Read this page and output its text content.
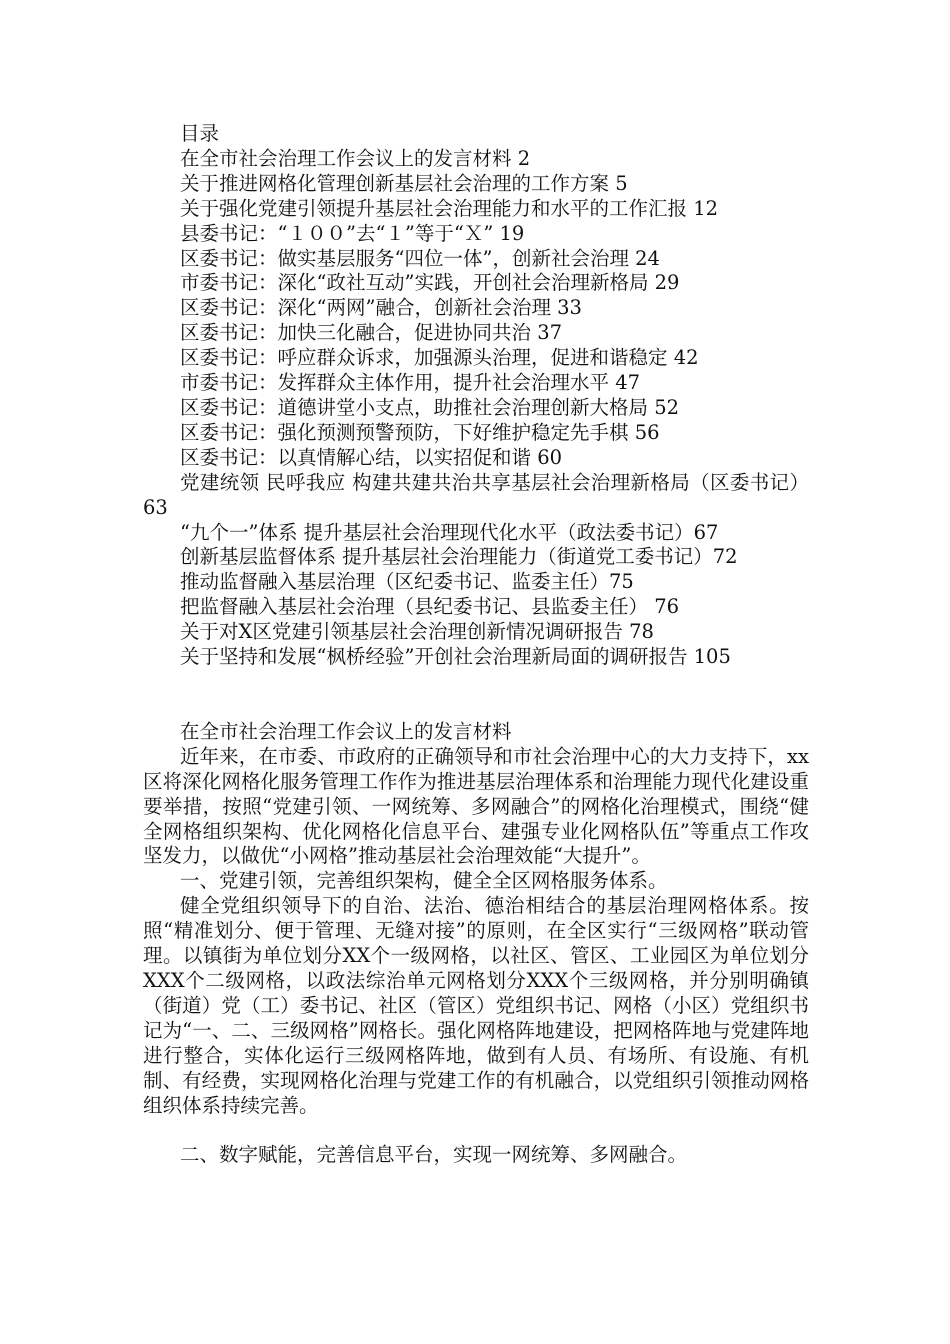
目录
在全市社会治理工作会议上的发言材料 2
关于推进网格化管理创新基层社会治理的工作方案 5
关于强化党建引领提升基层社会治理能力和水平的工作汇报 12
县委书记：“１００”去“１”等于“Ｘ” 19
区委书记：做实基层服务“四位一体”，创新社会治理 24
市委书记：深化“政社互动”实践，开创社会治理新格局 29
区委书记：深化“两网”融合，创新社会治理 33
区委书记：加快三化融合，促进协同共治 37
区委书记：呼应群众诉求，加强源头治理，促进和谐稳定 42
市委书记：发挥群众主体作用，提升社会治理水平 47
区委书记：道德讲堂小支点，助推社会治理创新大格局 52
区委书记：强化预测预警预防，下好维护稳定先手棋 56
区委书记：以真情解心结，以实招促和谐 60
党建统领 民呼我应 构建共建共治共享基层社会治理新格局（区委书记）63
“九个一”体系 提升基层社会治理现代化水平（政法委书记）67
创新基层监督体系 提升基层社会治理能力（街道党工委书记）72
推动监督融入基层治理（区纪委书记、监委主任）75
把监督融入基层社会治理（县纪委书记、县监委主任） 76
关于对X区党建引领基层社会治理创新情况调研报告 78
关于坚持和发展“枫桥经验”开创社会治理新局面的调研报告 105
在全市社会治理工作会议上的发言材料
近年来，在市委、市政府的正确领导和市社会治理中心的大力支持下，xx区将深化网格化服务管理工作作为推进基层治理体系和治理能力现代化建设重要举措，按照“党建引领、一网统筹、多网融合”的网格化治理模式，围绕“健全网格组织架构、优化网格化信息平台、建强专业化网格队伍”等重点工作攻坚发力，以做优“小网格”推动基层社会治理效能“大提升”。
一、党建引领，完善组织架构，健全全区网格服务体系。
健全党组织领导下的自治、法治、德治相结合的基层治理网格体系。按照“精准划分、便于管理、无缝对接”的原则，在全区实行“三级网格”联动管理。以镇街为单位划分XX个一级网格，以社区、管区、工业园区为单位划分XXX个二级网格，以政法综治单元网格划分XXX个三级网格，并分别明确镇（街道）党（工）委书记、社区（管区）党组织书记、网格（小区）党组织书记为“一、二、三级网格”网格长。强化网格阵地建设，把网格阵地与党建阵地进行整合，实体化运行三级网格阵地，做到有人员、有场所、有设施、有机制、有经费，实现网格化治理与党建工作的有机融合，以党组织引领推动网格组织体系持续完善。
二、数字赋能，完善信息平台，实现一网统筹、多网融合。
